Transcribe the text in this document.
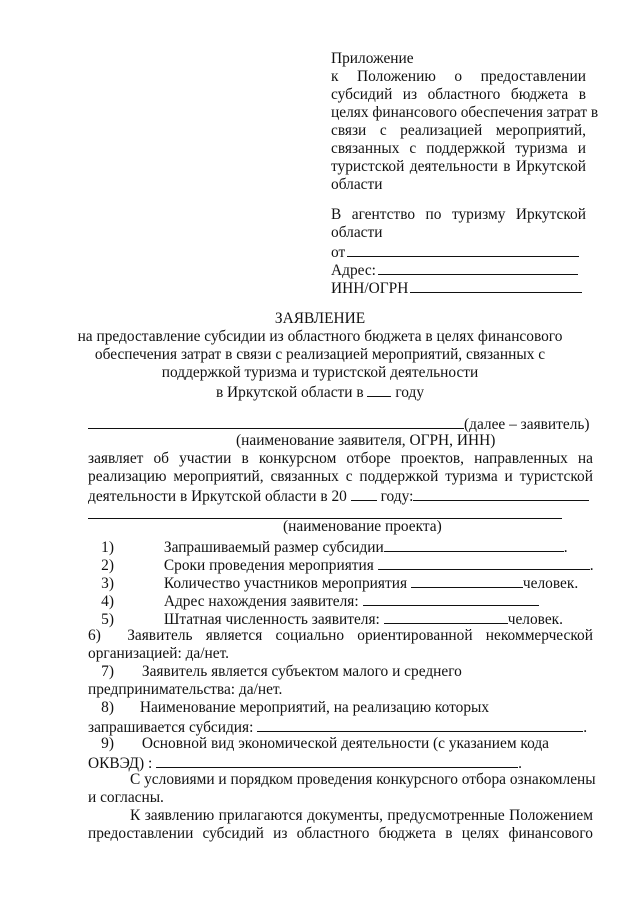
Приложение
к Положению о предоставлении
субсидий из областного бюджета в
целях финансового обеспечения затрат в
связи с реализацией мероприятий,
связанных с поддержкой туризма и
туристской деятельности в Иркутской
области
В агентство по туризму Иркутской
области
от
Адрес:
ИНН/ОГРН
ЗАЯВЛЕНИЕ
на предоставление субсидии из областного бюджета в целях финансового
обеспечения затрат в связи с реализацией мероприятий, связанных с
поддержкой туризма и туристской деятельности
в Иркутской области в году
(далее – заявитель)
(наименование заявителя, ОГРН, ИНН)
заявляет об участии в конкурсном отборе проектов, направленных на
реализацию мероприятий, связанных с поддержкой туризма и туристской
деятельности в Иркутской области в 20 году:
(наименование проекта)
1)	Запрашиваемый размер субсидии	.
2)	Сроки проведения мероприятия	.
3)	Количество участников мероприятия	человек.
4)	Адрес нахождения заявителя:
5)	Штатная численность заявителя:	человек.
6) Заявитель является социально ориентированной некоммерческой
организацией: да/нет.
7) Заявитель является субъектом малого и среднего
предпринимательства: да/нет.
8) Наименование мероприятий, на реализацию которых
запрашивается субсидия:	.
9) Основной вид экономической деятельности (с указанием кода
ОКВЭД) :	.
С условиями и порядком проведения конкурсного отбора ознакомлены
и согласны.
К заявлению прилагаются документы, предусмотренные Положением
предоставлении субсидий из областного бюджета в целях финансового
